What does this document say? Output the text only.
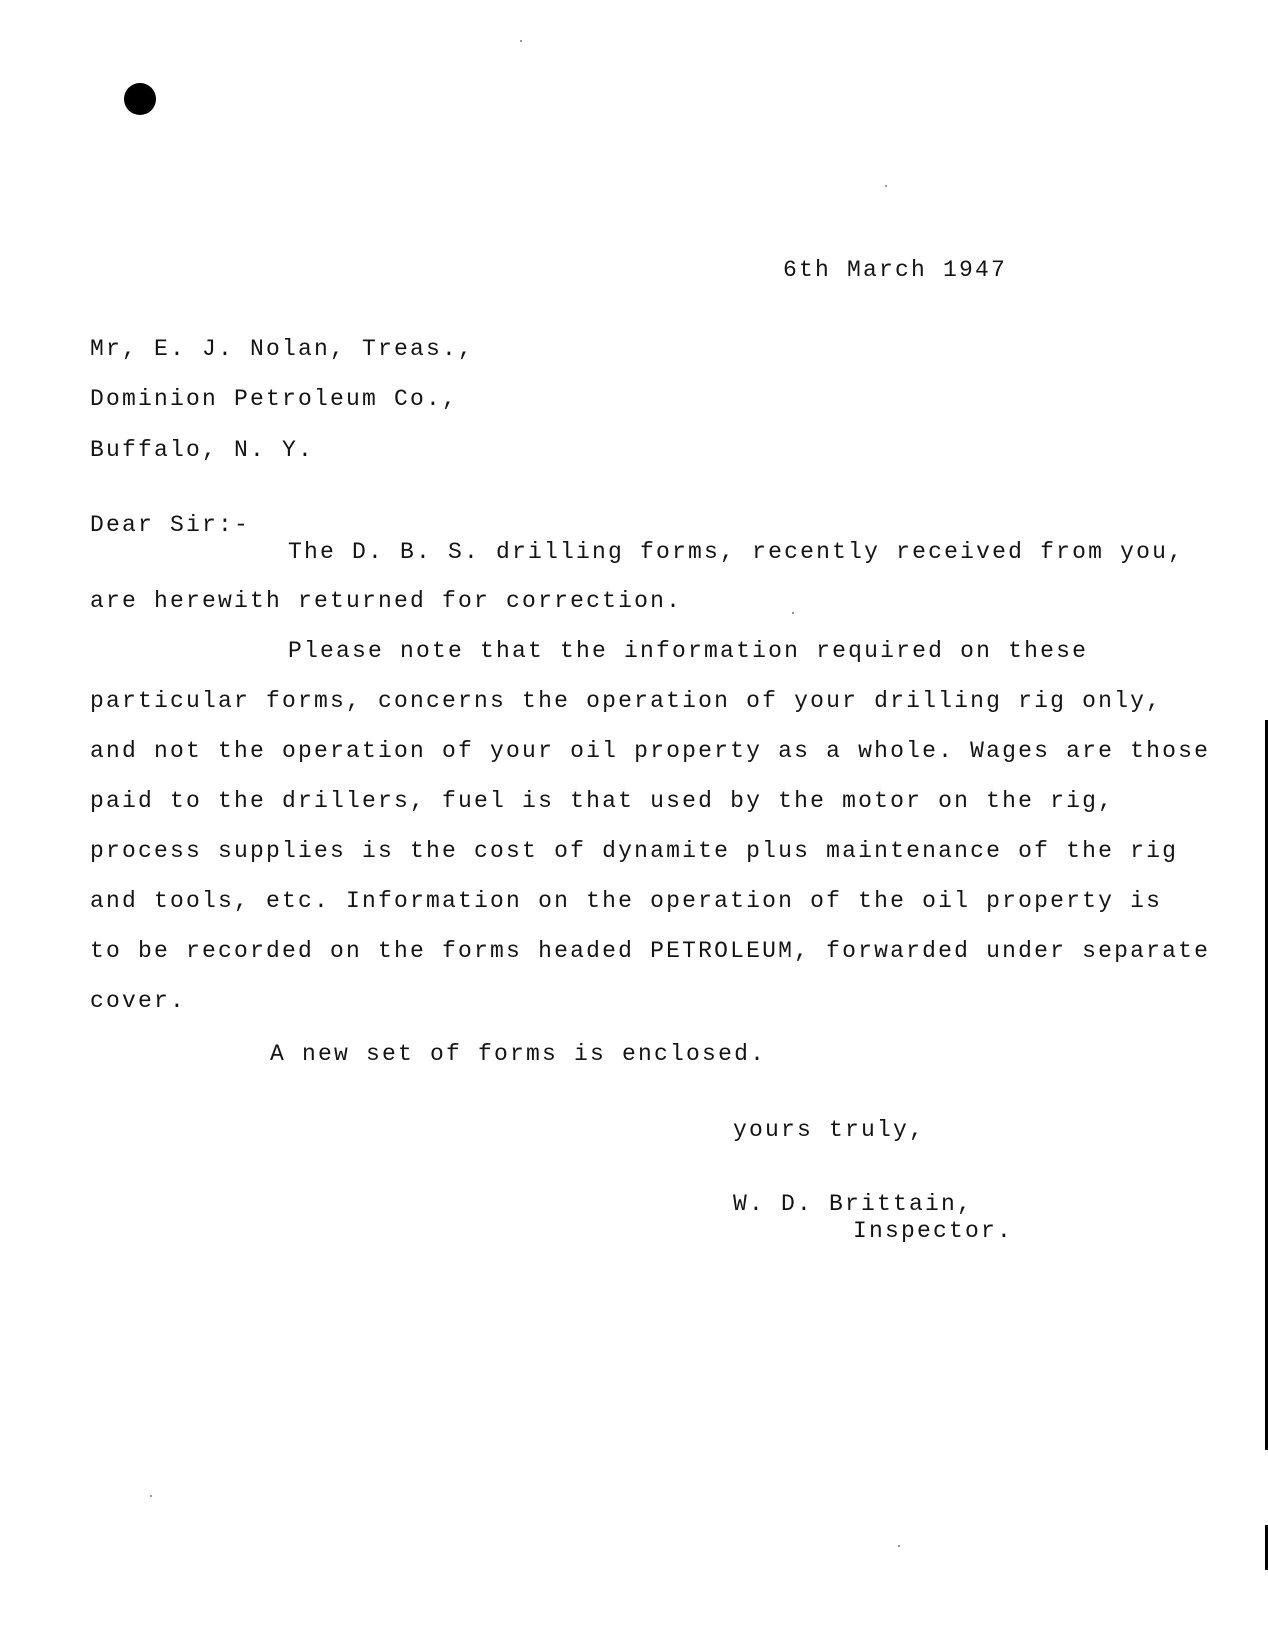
6th March 1947
Mr, E. J. Nolan, Treas.,
Dominion Petroleum Co.,
Buffalo, N. Y.
Dear Sir:-
The D. B. S. drilling forms, recently received from you,
are herewith returned for correction.
Please note that the information required on these
particular forms, concerns the operation of your drilling rig only,
and not the operation of your oil property as a whole. Wages are those
paid to the drillers, fuel is that used by the motor on the rig,
process supplies is the cost of dynamite plus maintenance of the rig
and tools, etc. Information on the operation of the oil property is
to be recorded on the forms headed PETROLEUM, forwarded under separate
cover.
A new set of forms is enclosed.
yours truly,
W. D. Brittain,
Inspector.
